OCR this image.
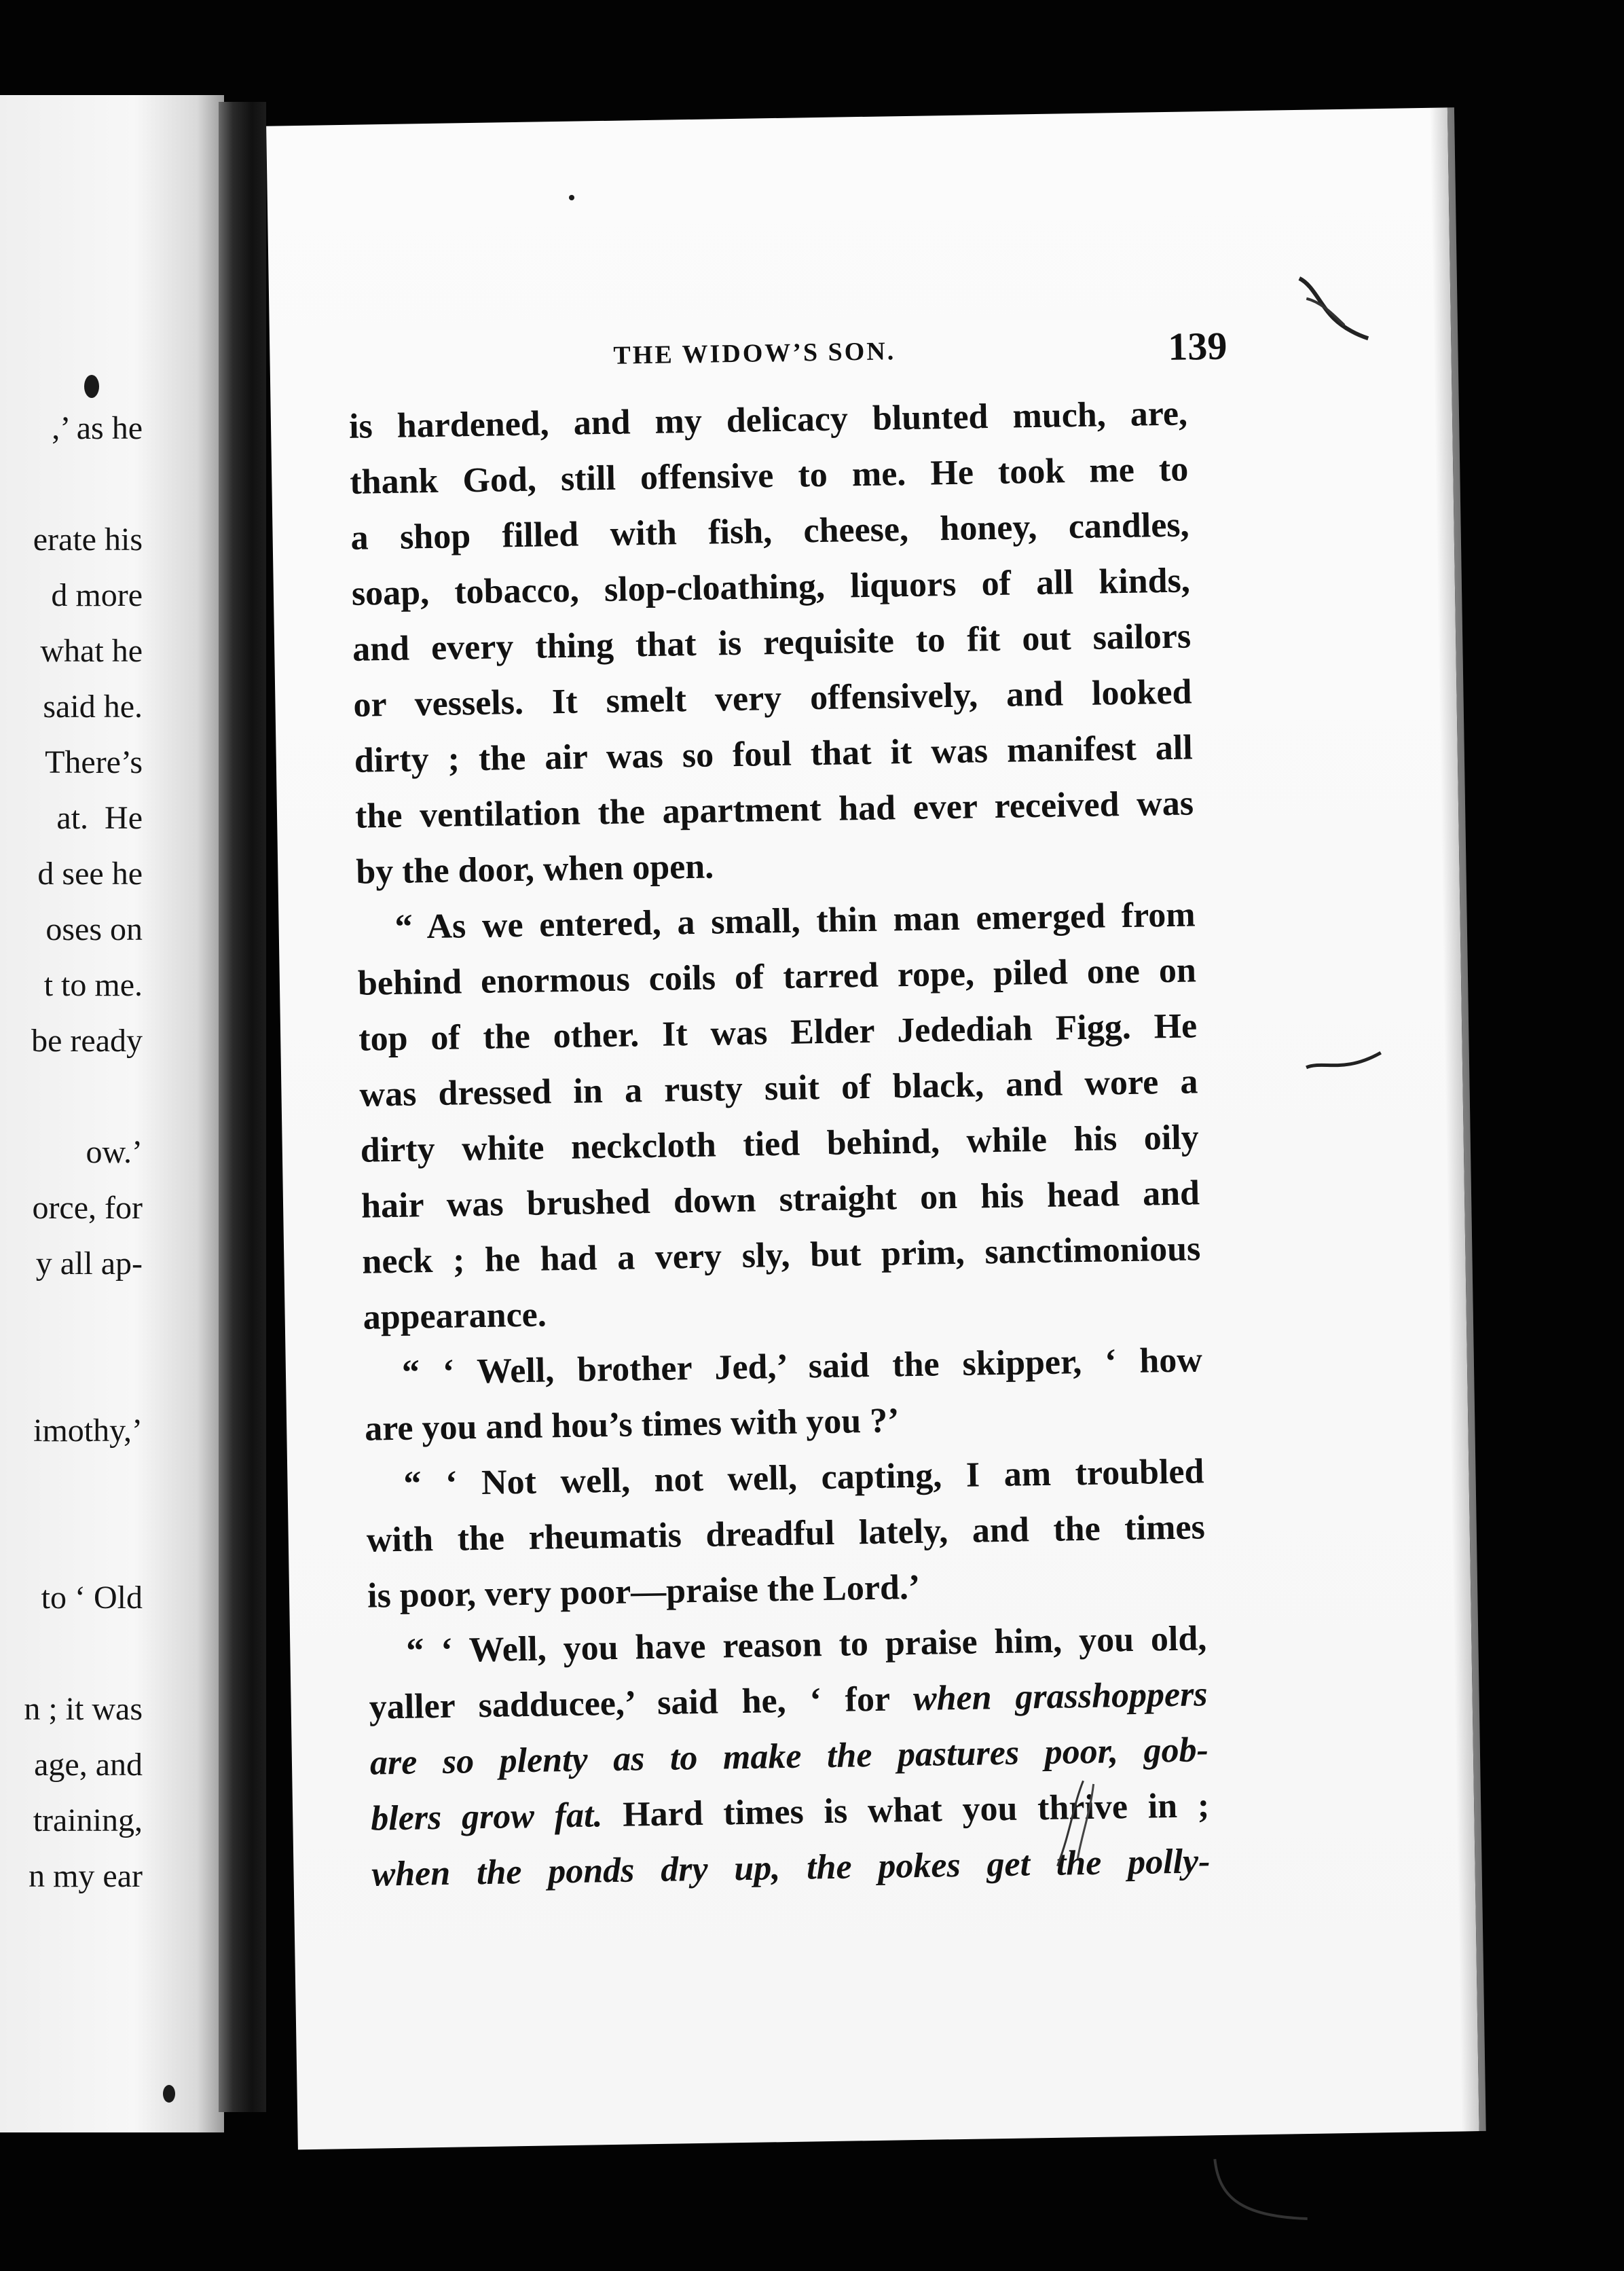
,’ as he
erate his
d more
what he
said he.
There’s
at.  He
d see he
oses on
t to me.
be ready
ow.’
orce, for
y all ap-
imothy,’
to ‘ Old
n ; it was
age, and
training,
n my ear
THE WIDOW’S SON.	139
is hardened, and my delicacy blunted much, are,
thank God, still offensive to me. He took me to
a shop filled with fish, cheese, honey, candles,
soap, tobacco, slop-cloathing, liquors of all kinds,
and every thing that is requisite to fit out sailors
or vessels. It smelt very offensively, and looked
dirty ; the air was so foul that it was manifest all
the ventilation the apartment had ever received was
by the door, when open.
“ As we entered, a small, thin man emerged from
behind enormous coils of tarred rope, piled one on
top of the other. It was Elder Jedediah Figg. He
was dressed in a rusty suit of black, and wore a
dirty white neckcloth tied behind, while his oily
hair was brushed down straight on his head and
neck ; he had a very sly, but prim, sanctimonious
appearance.
“ ‘ Well, brother Jed,’ said the skipper, ‘ how
are you and hou’s times with you ?’
“ ‘ Not well, not well, capting, I am troubled
with the rheumatis dreadful lately, and the times
is poor, very poor—praise the Lord.’
“ ‘ Well, you have reason to praise him, you old,
yaller sadducee,’ said he, ‘ for when grasshoppers
are so plenty as to make the pastures poor, gob-
blers grow fat. Hard times is what you thrive in ;
when the ponds dry up, the pokes get the polly-
